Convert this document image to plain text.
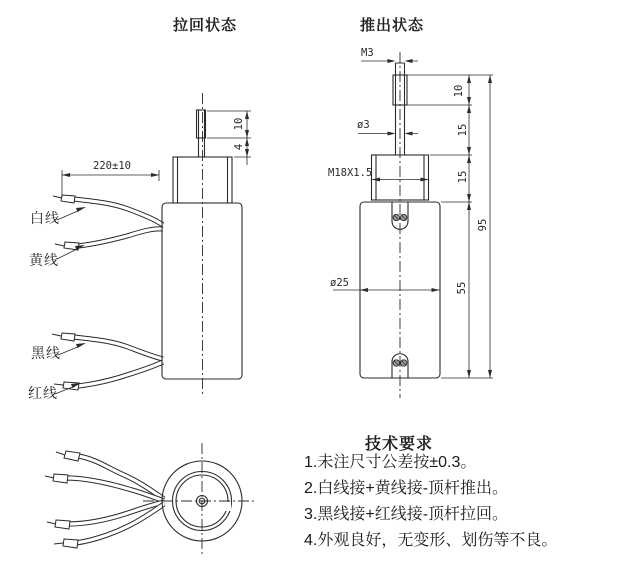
拉回状态	推出状态
白线
黄线
黑线
红线
220±10
10
4
M3
ø3
M18X1.5
ø25
10
15
15
55
95
技术要求
1.未注尺寸公差按±0.3。
2.白线接+黄线接-顶杆推出。
3.黑线接+红线接-顶杆拉回。
4.外观良好，无变形、划伤等不良。
